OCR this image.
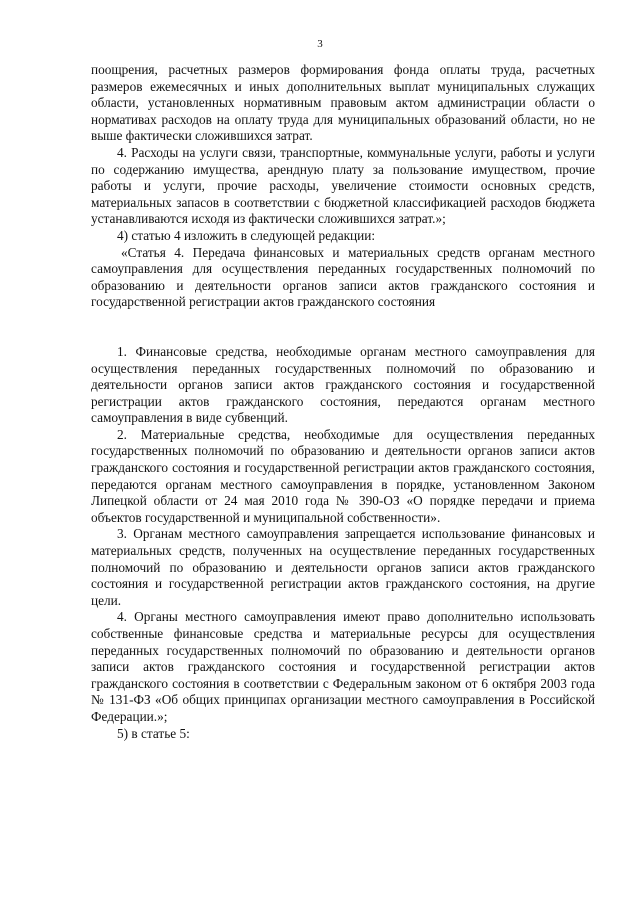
3

поощрения, расчетных размеров формирования фонда оплаты труда, расчетных размеров ежемесячных и иных дополнительных выплат муниципальных служащих области, установленных нормативным правовым актом администрации области о нормативах расходов на оплату труда для муниципальных образований области, но не выше фактически сложившихся затрат.

4. Расходы на услуги связи, транспортные, коммунальные услуги, работы и услуги по содержанию имущества, арендную плату за пользование имуществом, прочие работы и услуги, прочие расходы, увеличение стоимости основных средств, материальных запасов в соответствии с бюджетной классификацией расходов бюджета устанавливаются исходя из фактически сложившихся затрат.»;

4) статью 4 изложить в следующей редакции:

«Статья 4. Передача финансовых и материальных средств органам местного самоуправления для осуществления переданных государственных полномочий по образованию и деятельности органов записи актов гражданского состояния и государственной регистрации актов гражданского состояния

1. Финансовые средства, необходимые органам местного самоуправления для осуществления переданных государственных полномочий по образованию и деятельности органов записи актов гражданского состояния и государственной регистрации актов гражданского состояния, передаются органам местного самоуправления в виде субвенций.

2. Материальные средства, необходимые для осуществления переданных государственных полномочий по образованию и деятельности органов записи актов гражданского состояния и государственной регистрации актов гражданского состояния, передаются органам местного самоуправления в порядке, установленном Законом Липецкой области от 24 мая 2010 года № 390-ОЗ «О порядке передачи и приема объектов государственной и муниципальной собственности».

3. Органам местного самоуправления запрещается использование финансовых и материальных средств, полученных на осуществление переданных государственных полномочий по образованию и деятельности органов записи актов гражданского состояния и государственной регистрации актов гражданского состояния, на другие цели.

4. Органы местного самоуправления имеют право дополнительно использовать собственные финансовые средства и материальные ресурсы для осуществления переданных государственных полномочий по образованию и деятельности органов записи актов гражданского состояния и государственной регистрации актов гражданского состояния в соответствии с Федеральным законом от 6 октября 2003 года № 131-ФЗ «Об общих принципах организации местного самоуправления в Российской Федерации.»;

5) в статье 5:
